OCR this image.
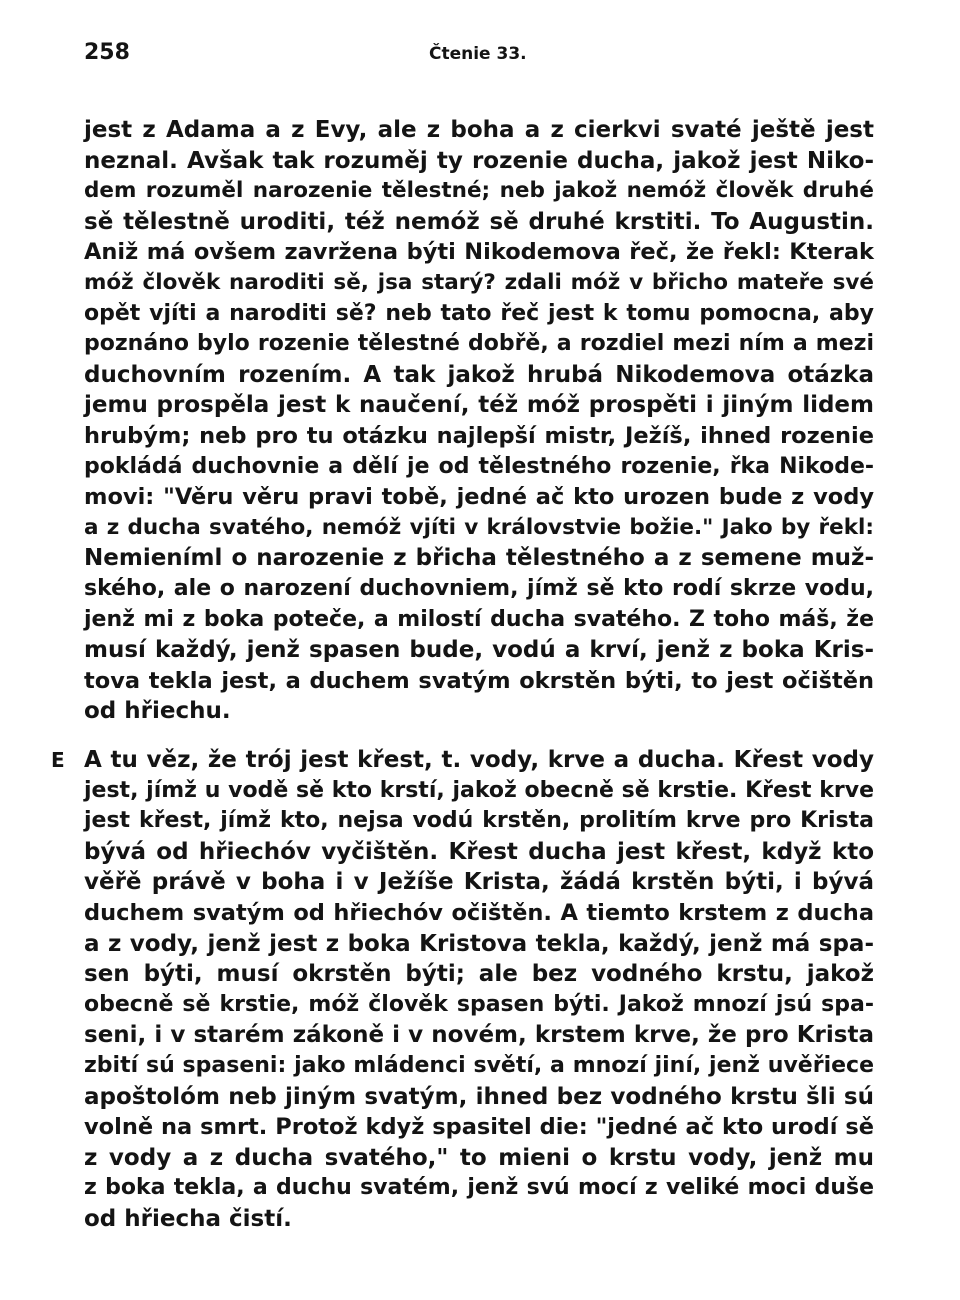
258	Čtenie 33.
jest z Adama a z Evy, ale z boha a z cierkvi svaté ještě jest
neznal. Avšak tak rozuměj ty rozenie ducha, jakož jest Niko-
dem rozuměl narozenie tělestné; neb jakož nemóž člověk druhé
sě tělestně uroditi, též nemóž sě druhé krstiti. To Augustin.
Aniž má ovšem zavržena býti Nikodemova řeč, že řekl: Kterak
móž člověk naroditi sě, jsa starý? zdali móž v břicho mateře své
opět vjíti a naroditi sě? neb tato řeč jest k tomu pomocna, aby
poznáno bylo rozenie tělestné dobřě, a rozdiel mezi ním a mezi
duchovním rozením. A tak jakož hrubá Nikodemova otázka
jemu prospěla jest k naučení, též móž prospěti i jiným lidem
hrubým; neb pro tu otázku najlepší mistr, Ježíš, ihned rozenie
pokládá duchovnie a dělí je od tělestného rozenie, řka Nikode-
movi: "Věru věru pravi tobě, jedné ač kto urozen bude z vody
a z ducha svatého, nemóž vjíti v královstvie božie." Jako by řekl:
Nemieníml o narozenie z břicha tělestného a z semene muž-
ského, ale o narození duchovniem, jímž sě kto rodí skrze vodu,
jenž mi z boka poteče, a milostí ducha svatého. Z toho máš, že
musí každý, jenž spasen bude, vodú a krví, jenž z boka Kris-
tova tekla jest, a duchem svatým okrstěn býti, to jest očištěn
od hřiechu.
E A tu věz, že trój jest křest, t. vody, krve a ducha. Křest vody
jest, jímž u vodě sě kto krstí, jakož obecně sě krstie. Křest krve
jest křest, jímž kto, nejsa vodú krstěn, prolitím krve pro Krista
bývá od hřiechóv vyčištěn. Křest ducha jest křest, když kto
věřě právě v boha i v Ježíše Krista, žádá krstěn býti, i bývá
duchem svatým od hřiechóv očištěn. A tiemto krstem z ducha
a z vody, jenž jest z boka Kristova tekla, každý, jenž má spa-
sen býti, musí okrstěn býti; ale bez vodného krstu, jakož
obecně sě krstie, móž člověk spasen býti. Jakož mnozí jsú spa-
seni, i v starém zákoně i v novém, krstem krve, že pro Krista
zbití sú spaseni: jako mládenci světí, a mnozí jiní, jenž uvěřiece
apoštolóm neb jiným svatým, ihned bez vodného krstu šli sú
volně na smrt. Protož když spasitel die: "jedné ač kto urodí sě
z vody a z ducha svatého," to mieni o krstu vody, jenž mu
z boka tekla, a duchu svatém, jenž svú mocí z veliké moci duše
od hřiecha čistí.
